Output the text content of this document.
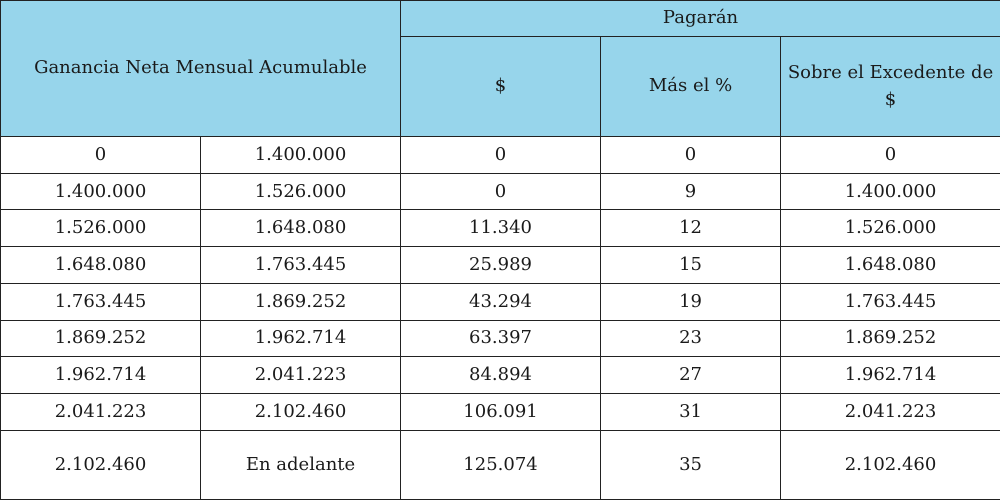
Ganancia Neta Mensual Acumulable		Pagarán		
		$	Más el %	Sobre el Excedente de $
0	1.400.000	0	0	0
1.400.000	1.526.000	0	9	1.400.000
1.526.000	1.648.080	11.340	12	1.526.000
1.648.080	1.763.445	25.989	15	1.648.080
1.763.445	1.869.252	43.294	19	1.763.445
1.869.252	1.962.714	63.397	23	1.869.252
1.962.714	2.041.223	84.894	27	1.962.714
2.041.223	2.102.460	106.091	31	2.041.223
2.102.460	En adelante	125.074	35	2.102.460
